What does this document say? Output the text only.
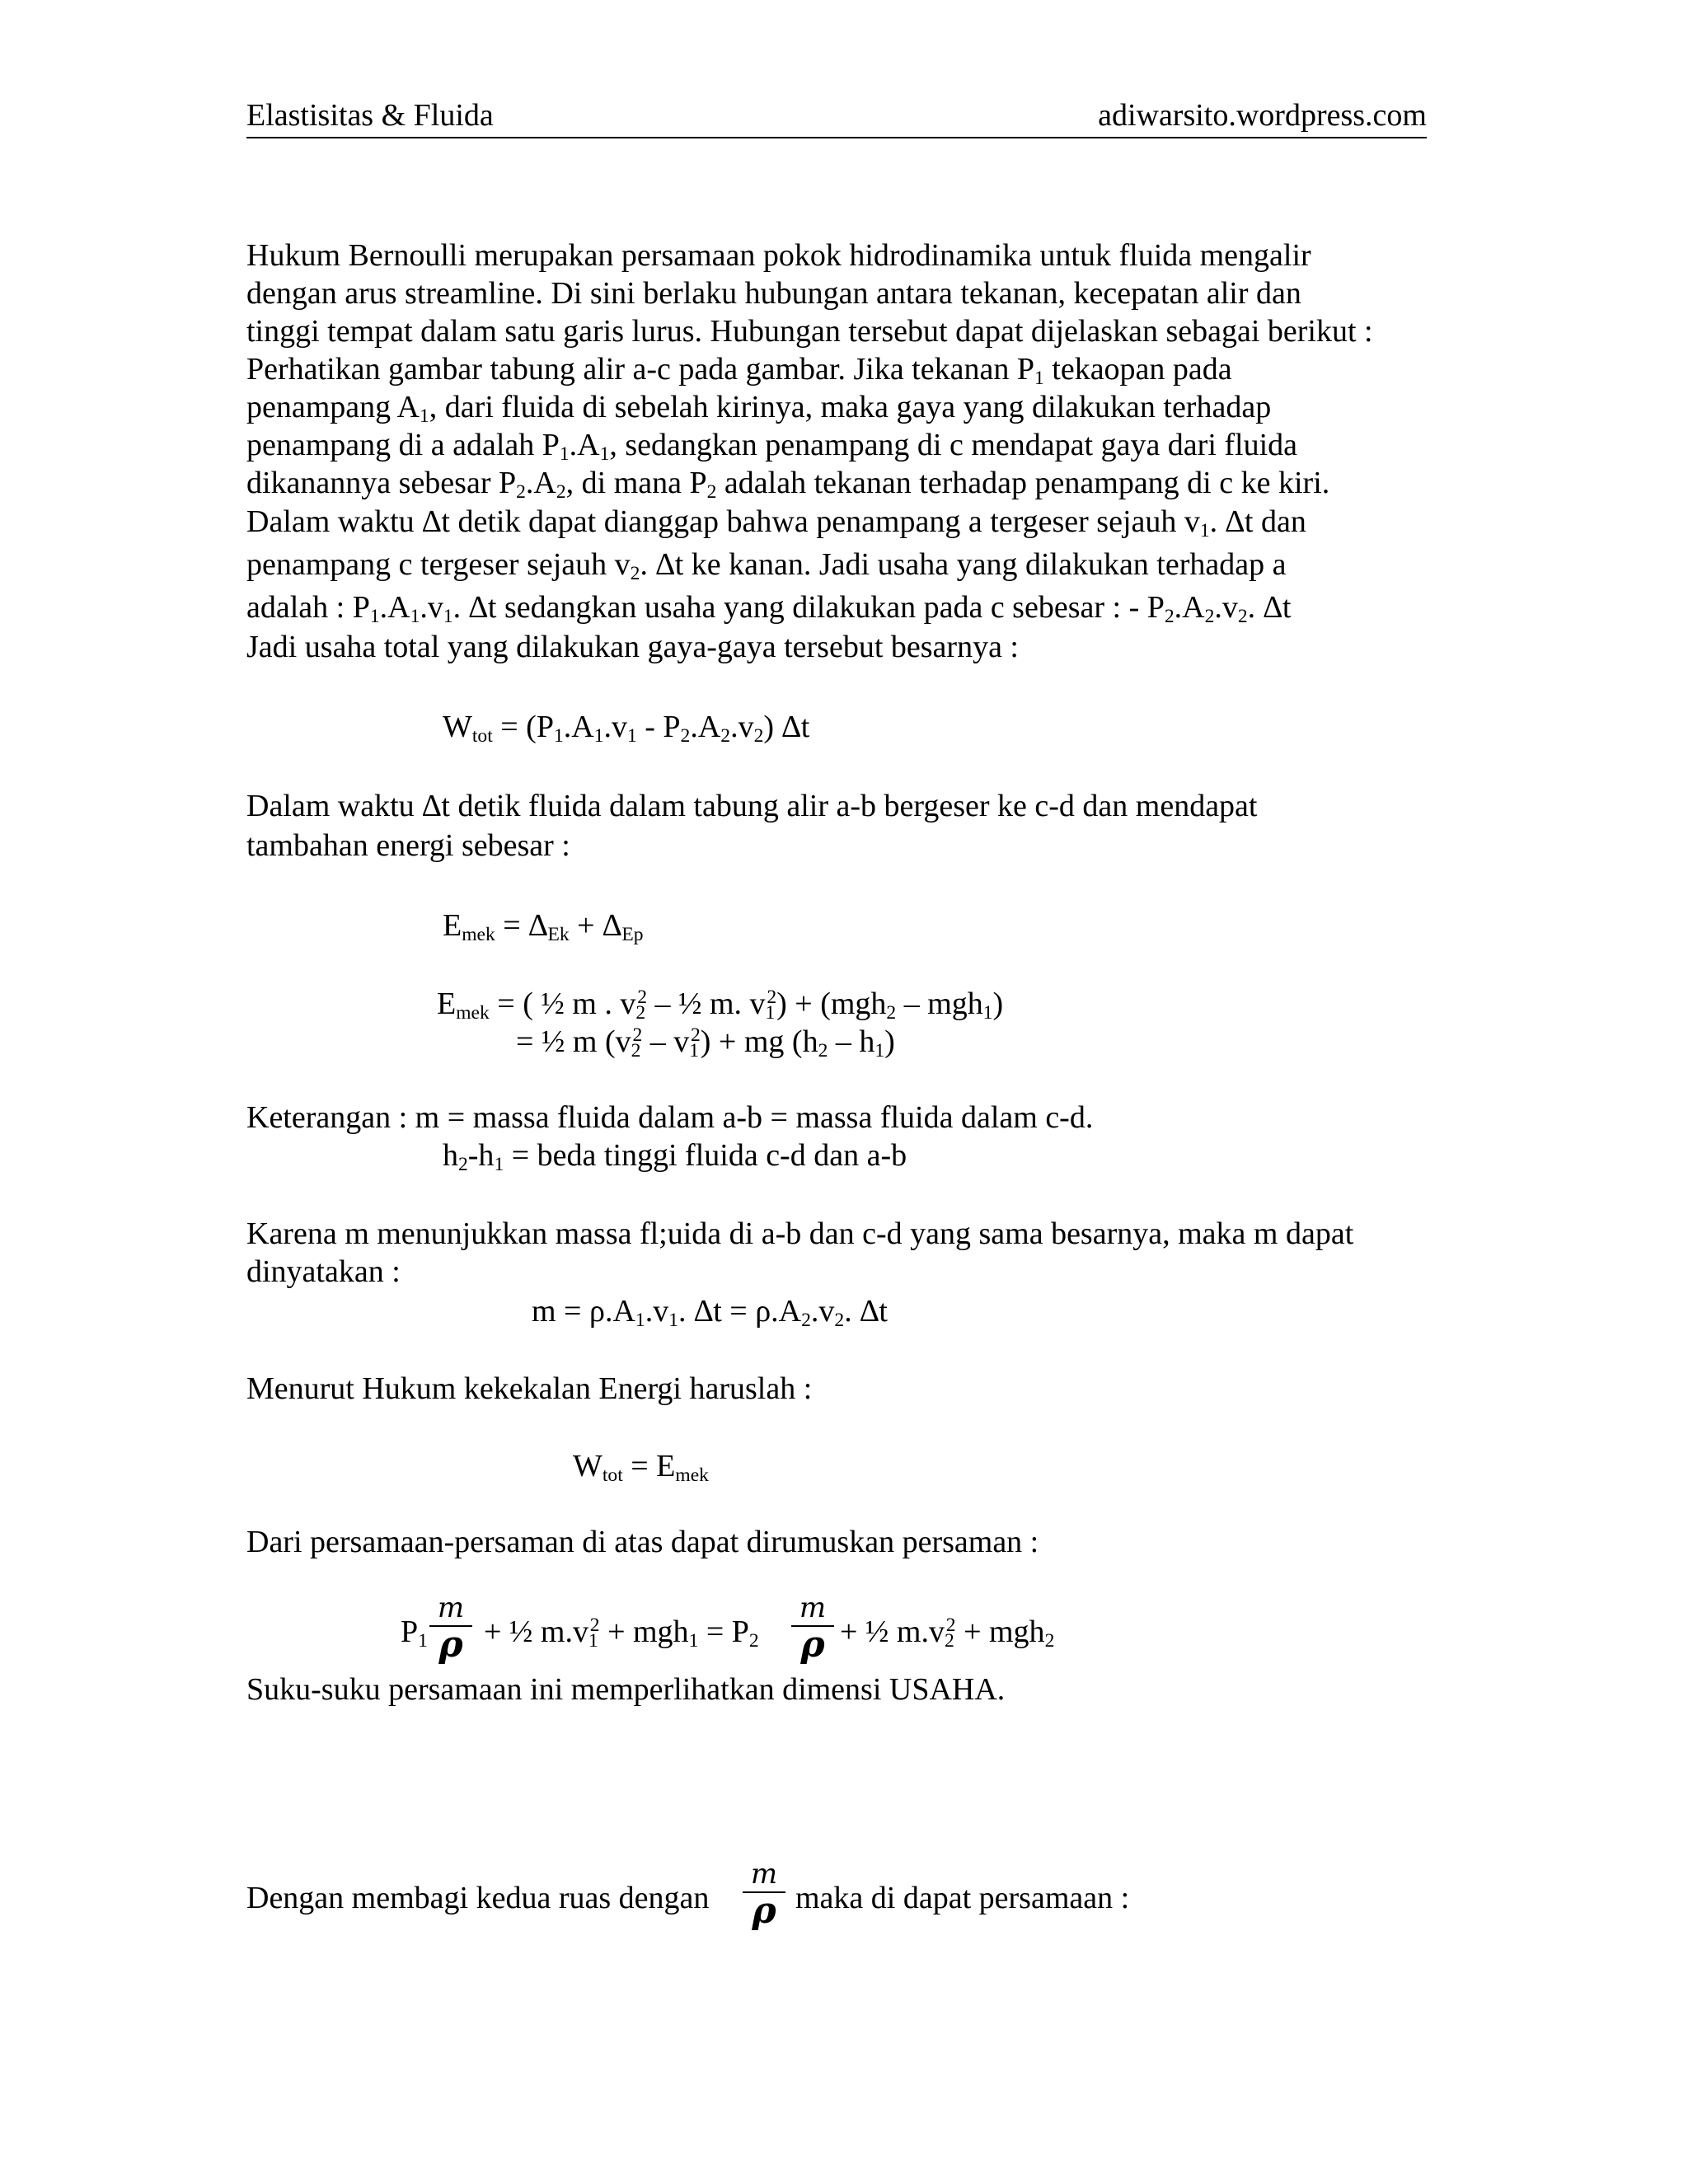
Elastisitas & Fluida	adiwarsito.wordpress.com
Hukum Bernoulli merupakan persamaan pokok hidrodinamika untuk fluida mengalir
dengan arus streamline. Di sini berlaku hubungan antara tekanan, kecepatan alir dan
tinggi tempat dalam satu garis lurus. Hubungan tersebut dapat dijelaskan sebagai berikut :
Perhatikan gambar tabung alir a-c pada gambar. Jika tekanan $P_1$ tekaopan pada
penampang $A_1$, dari fluida di sebelah kirinya, maka gaya yang dilakukan terhadap
penampang di a adalah $P_1.A_1$, sedangkan penampang di c mendapat gaya dari fluida
dikanannya sebesar $P_2.A_2$, di mana $P_2$ adalah tekanan terhadap penampang di c ke kiri.
Dalam waktu ∆t detik dapat dianggap bahwa penampang a tergeser sejauh $v_1$. ∆t dan
penampang c tergeser sejauh $v_2$. ∆t ke kanan. Jadi usaha yang dilakukan terhadap a
adalah : $P_1.A_1.v_1$. ∆t sedangkan usaha yang dilakukan pada c sebesar : - $P_2.A_2.v_2$. ∆t
Jadi usaha total yang dilakukan gaya-gaya tersebut besarnya :
$W_{tot} = (P_1.A_1.v_1 - P_2.A_2.v_2)$ ∆t
Dalam waktu ∆t detik fluida dalam tabung alir a-b bergeser ke c-d dan mendapat
tambahan energi sebesar :
$E_{mek} = \Delta_{Ek} + \Delta_{Ep}$
$E_{mek}$ = ( ½ m . $v_2^2$ – ½ m. $v_1^2) + (mgh_2 - mgh_1)$
= ½ m $(v_2^2 - v_1^2)$ + mg $(h_2 - h_1)$
Keterangan : m = massa fluida dalam a-b = massa fluida dalam c-d.
$h_2-h_1$ = beda tinggi fluida c-d dan a-b
Karena m menunjukkan massa fl;uida di a-b dan c-d yang sama besarnya, maka m dapat
dinyatakan :
$m = \rho.A_1.v_1$. $\Delta t = \rho.A_2.v_2$. ∆t
Menurut Hukum kekekalan Energi haruslah :
$W_{tot} = E_{mek}$
Dari persamaan-persaman di atas dapat dirumuskan persaman :
$P_1$
m
ρ + ½ $m.v_1^2 + mgh_1 = P_2$
m
ρ + ½ $m.v_2^2 + mgh_2$
Suku-suku persamaan ini memperlihatkan dimensi USAHA.
Dengan membagi kedua ruas dengan
m
ρ maka di dapat persamaan :
